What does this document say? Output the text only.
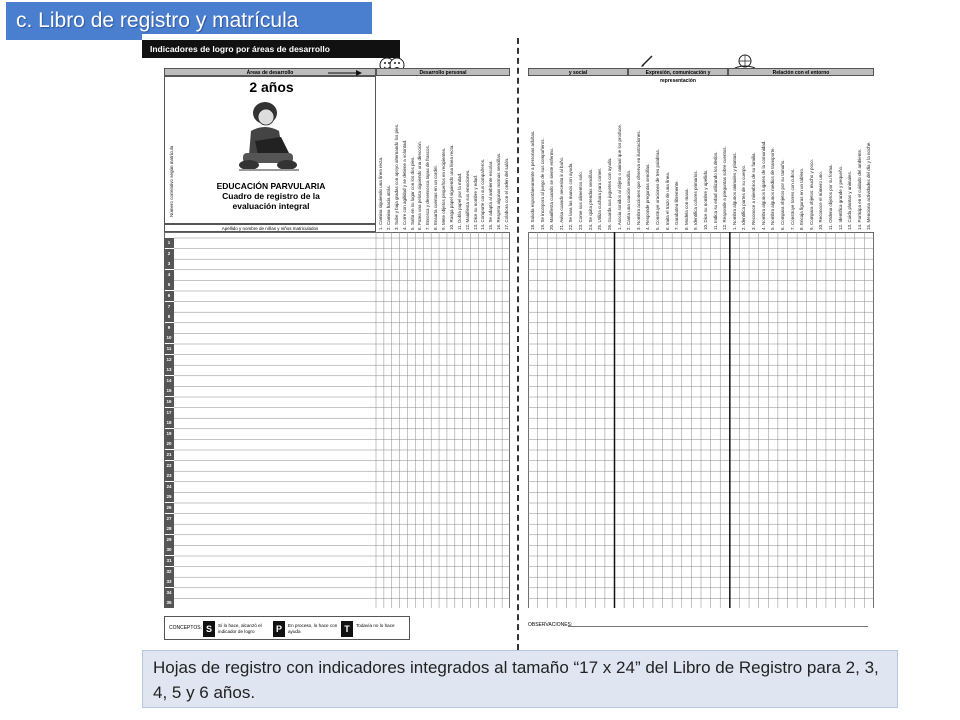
c. Libro de registro y matrícula
Indicadores de logro por áreas de desarrollo
Áreas de desarrollo	Desarrollo personal
2 años
EDUCACIÓN PARVULARIA
Cuadro de registro de la
evaluación integral
Número correlativo según matrícula
Apellido y nombre de niñas y niños matriculados	1. Camina siguiendo una línea recta. 2. Camina hacia atrás. 3. Sube y baja gradas con apoyo alternando los pies. 4. Corre con agilidad y se detiene a voluntad. 5. Salta en su lugar con los dos pies. 6. Patea una pelota siguiendo una dirección. 7. Enrosca y desenrosca tapas de frascos. 8. Ensarta cuentas en un cordel. 9. Mete objetos pequeños en recipientes. 10. Rasga papel siguiendo una línea recta. 11. Dobla papel por la mitad. 12. Manifiesta sus emociones. 13. Dice su nombre y edad. 14. Comparte con sus compañeros. 15. Se adapta al ambiente escolar. 16. Respeta algunas normas sencillas. 17. Colabora con el orden del salón.
1
2
3
4
5
6
7
8
9
10
11
12
13
14
15
16
17
18
19
20
21
22
23
24
25
26
27
28
29
30
31
32
33
34
35
CONCEPTOS: S	Sí lo hace, alcanzó el indicador de logro	P	En proceso, lo hace con ayuda	T	Todavía no lo hace
y social	Expresión, comunicación y representación
Relación con el entorno
18. Saluda espontáneamente a personas adultas. 19. Se incorpora al juego de sus compañeros. 20. Manifiesta cuando se siente enfermo. 21. Avisa cuando necesita ir al baño. 22. Se lava las manos con ayuda. 23. Come sus alimentos solo. 24. Se quita prendas sencillas. 25. Utiliza cuchara para comer. 26. Guarda sus juguetes con ayuda. 1. Asocia sonidos al objeto o animal que los produce. 2. Canta una canción sencilla. 3. Nombra acciones que observa en ilustraciones. 4. Responde preguntas sencillas. 5. Construye oraciones de tres palabras. 6. Imita el trazo de una línea. 7. Garabatea libremente. 8. Modela con masa. 9. Identifica colores primarios. 10. Dice su nombre y apellido. 11. Indica su edad utilizando los dedos. 12. Responde a preguntas sobre cuentos. 1. Nombra algunos animales y plantas. 2. Identifica partes de su cuerpo. 3. Reconoce a miembros de su familia. 4. Nombra algunos lugares de la comunidad. 5. Nombra algunos medios de transporte. 6. Compara objetos por su tamaño. 7. Construye torres con cubos. 8. Encaja figuras en un tablero. 9. Compara objetos: mucho y poco. 10. Reconoce el número uno. 11. Ordena objetos por su forma. 12. Identifica grande y pequeño. 13. Cuida plantas y animales. 14. Participa en el cuidado del ambiente. 15. Menciona actividades del día y la noche.
OBSERVACIONES:
Hojas de registro con indicadores integrados al tamaño “17 x 24” del Libro de Registro para 2, 3, 4, 5 y 6 años.
